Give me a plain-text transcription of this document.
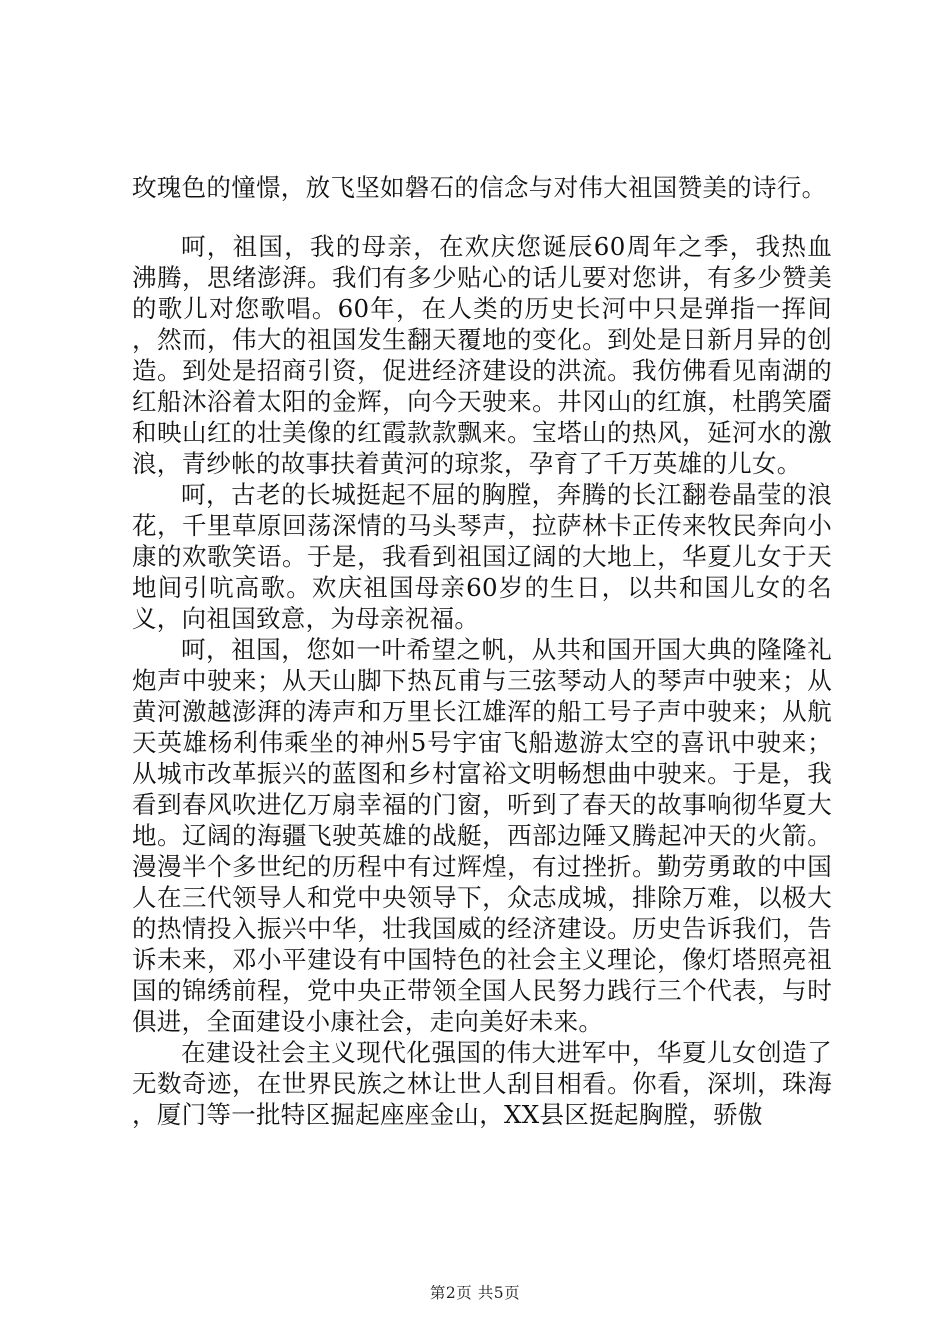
玫瑰色的憧憬，放飞坚如磐石的信念与对伟大祖国赞美的诗行。

呵，祖国，我的母亲，在欢庆您诞辰60周年之季，我热血沸腾，思绪澎湃。我们有多少贴心的话儿要对您讲，有多少赞美的歌儿对您歌唱。60年，在人类的历史长河中只是弹指一挥间，然而，伟大的祖国发生翻天覆地的变化。到处是日新月异的创造。到处是招商引资，促进经济建设的洪流。我仿佛看见南湖的红船沐浴着太阳的金辉，向今天驶来。井冈山的红旗，杜鹃笑靥和映山红的壮美像的红霞款款飘来。宝塔山的热风，延河水的激浪，青纱帐的故事扶着黄河的琼浆，孕育了千万英雄的儿女。

呵，古老的长城挺起不屈的胸膛，奔腾的长江翻卷晶莹的浪花，千里草原回荡深情的马头琴声，拉萨林卡正传来牧民奔向小康的欢歌笑语。于是，我看到祖国辽阔的大地上，华夏儿女于天地间引吭高歌。欢庆祖国母亲60岁的生日，以共和国儿女的名义，向祖国致意，为母亲祝福。

呵，祖国，您如一叶希望之帆，从共和国开国大典的隆隆礼炮声中驶来；从天山脚下热瓦甫与三弦琴动人的琴声中驶来；从黄河激越澎湃的涛声和万里长江雄浑的船工号子声中驶来；从航天英雄杨利伟乘坐的神州5号宇宙飞船遨游太空的喜讯中驶来；从城市改革振兴的蓝图和乡村富裕文明畅想曲中驶来。于是，我看到春风吹进亿万扇幸福的门窗，听到了春天的故事响彻华夏大地。辽阔的海疆飞驶英雄的战艇，西部边陲又腾起冲天的火箭。漫漫半个多世纪的历程中有过辉煌，有过挫折。勤劳勇敢的中国人在三代领导人和党中央领导下，众志成城，排除万难，以极大的热情投入振兴中华，壮我国威的经济建设。历史告诉我们，告诉未来，邓小平建设有中国特色的社会主义理论，像灯塔照亮祖国的锦绣前程，党中央正带领全国人民努力践行三个代表，与时俱进，全面建设小康社会，走向美好未来。

在建设社会主义现代化强国的伟大进军中，华夏儿女创造了无数奇迹，在世界民族之林让世人刮目相看。你看，深圳，珠海，厦门等一批特区掘起座座金山，XX县区挺起胸膛，骄傲

第2页 共5页
